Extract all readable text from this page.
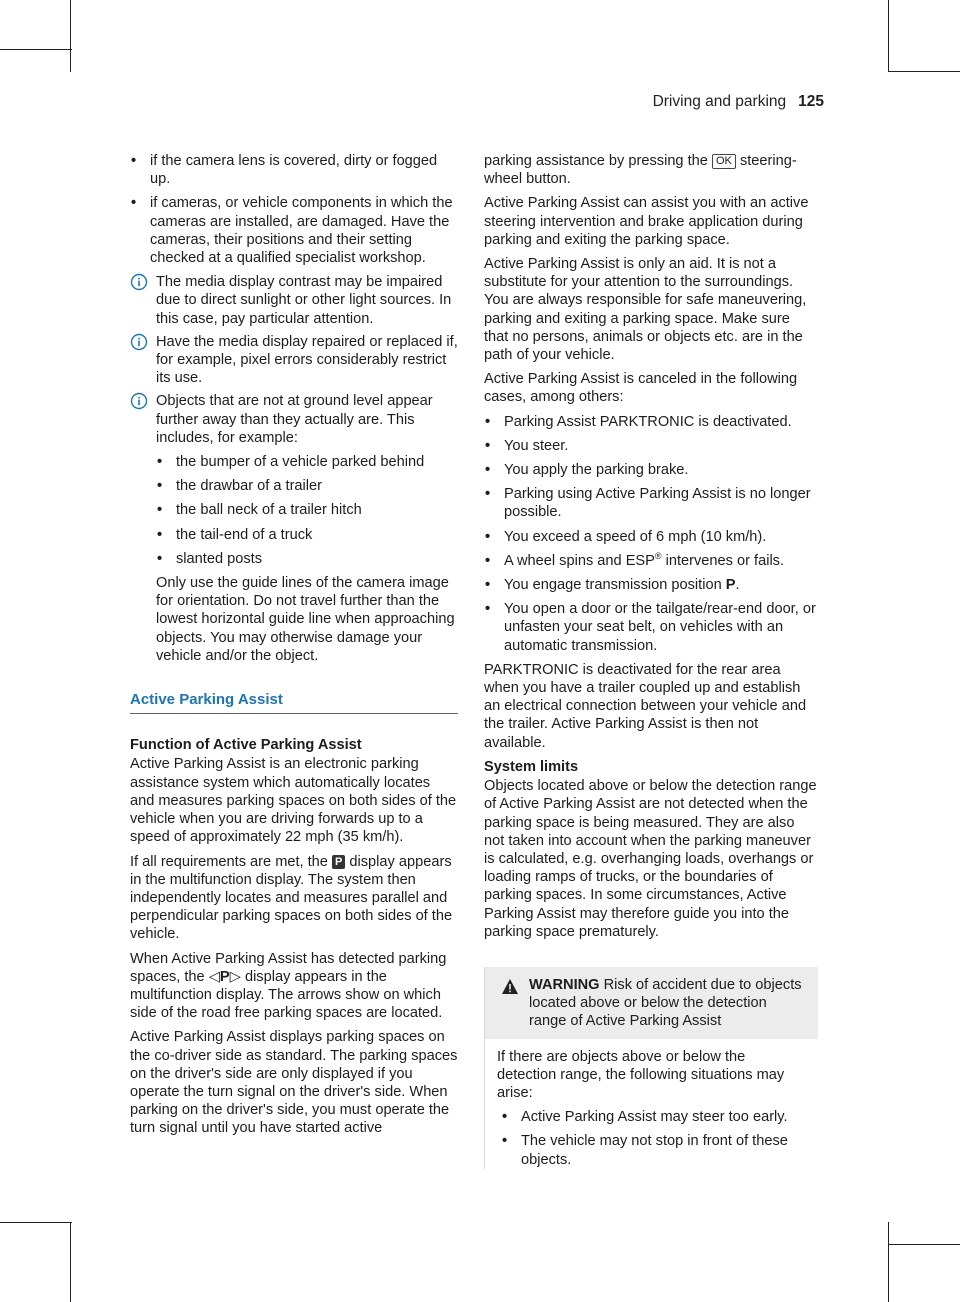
Driving and parking 125
• if the camera lens is covered, dirty or fogged up.
• if cameras, or vehicle components in which the cameras are installed, are damaged. Have the cameras, their positions and their setting checked at a qualified specialist workshop.
The media display contrast may be impaired due to direct sunlight or other light sources. In this case, pay particular attention.
Have the media display repaired or replaced if, for example, pixel errors considerably restrict its use.
Objects that are not at ground level appear further away than they actually are. This includes, for example:
• the bumper of a vehicle parked behind
• the drawbar of a trailer
• the ball neck of a trailer hitch
• the tail-end of a truck
• slanted posts
Only use the guide lines of the camera image for orientation. Do not travel further than the lowest horizontal guide line when approaching objects. You may otherwise damage your vehicle and/or the object.
Active Parking Assist
Function of Active Parking Assist

Active Parking Assist is an electronic parking assistance system which automatically locates and measures parking spaces on both sides of the vehicle when you are driving forwards up to a speed of approximately 22 mph (35 km/h).

If all requirements are met, the P display appears in the multifunction display. The system then independently locates and measures parallel and perpendicular parking spaces on both sides of the vehicle.

When Active Parking Assist has detected parking spaces, the ◁P▷ display appears in the multifunction display. The arrows show on which side of the road free parking spaces are located.

Active Parking Assist displays parking spaces on the co-driver side as standard. The parking spaces on the driver's side are only displayed if you operate the turn signal on the driver's side. When parking on the driver's side, you must operate the turn signal until you have started active

parking assistance by pressing the OK steering-wheel button.

Active Parking Assist can assist you with an active steering intervention and brake application during parking and exiting the parking space.

Active Parking Assist is only an aid. It is not a substitute for your attention to the surroundings. You are always responsible for safe maneuvering, parking and exiting a parking space. Make sure that no persons, animals or objects etc. are in the path of your vehicle.

Active Parking Assist is canceled in the following cases, among others:

• Parking Assist PARKTRONIC is deactivated.
• You steer.
• You apply the parking brake.
• Parking using Active Parking Assist is no longer possible.
• You exceed a speed of 6 mph (10 km/h).
• A wheel spins and ESP® intervenes or fails.
• You engage transmission position P.
• You open a door or the tailgate/rear-end door, or unfasten your seat belt, on vehicles with an automatic transmission.

PARKTRONIC is deactivated for the rear area when you have a trailer coupled up and establish an electrical connection between your vehicle and the trailer. Active Parking Assist is then not available.

System limits

Objects located above or below the detection range of Active Parking Assist are not detected when the parking space is being measured. They are also not taken into account when the parking maneuver is calculated, e.g. overhanging loads, overhangs or loading ramps of trucks, or the boundaries of parking spaces. In some circumstances, Active Parking Assist may therefore guide you into the parking space prematurely.

WARNING Risk of accident due to objects located above or below the detection range of Active Parking Assist

If there are objects above or below the detection range, the following situations may arise:

• Active Parking Assist may steer too early.
• The vehicle may not stop in front of these objects.
